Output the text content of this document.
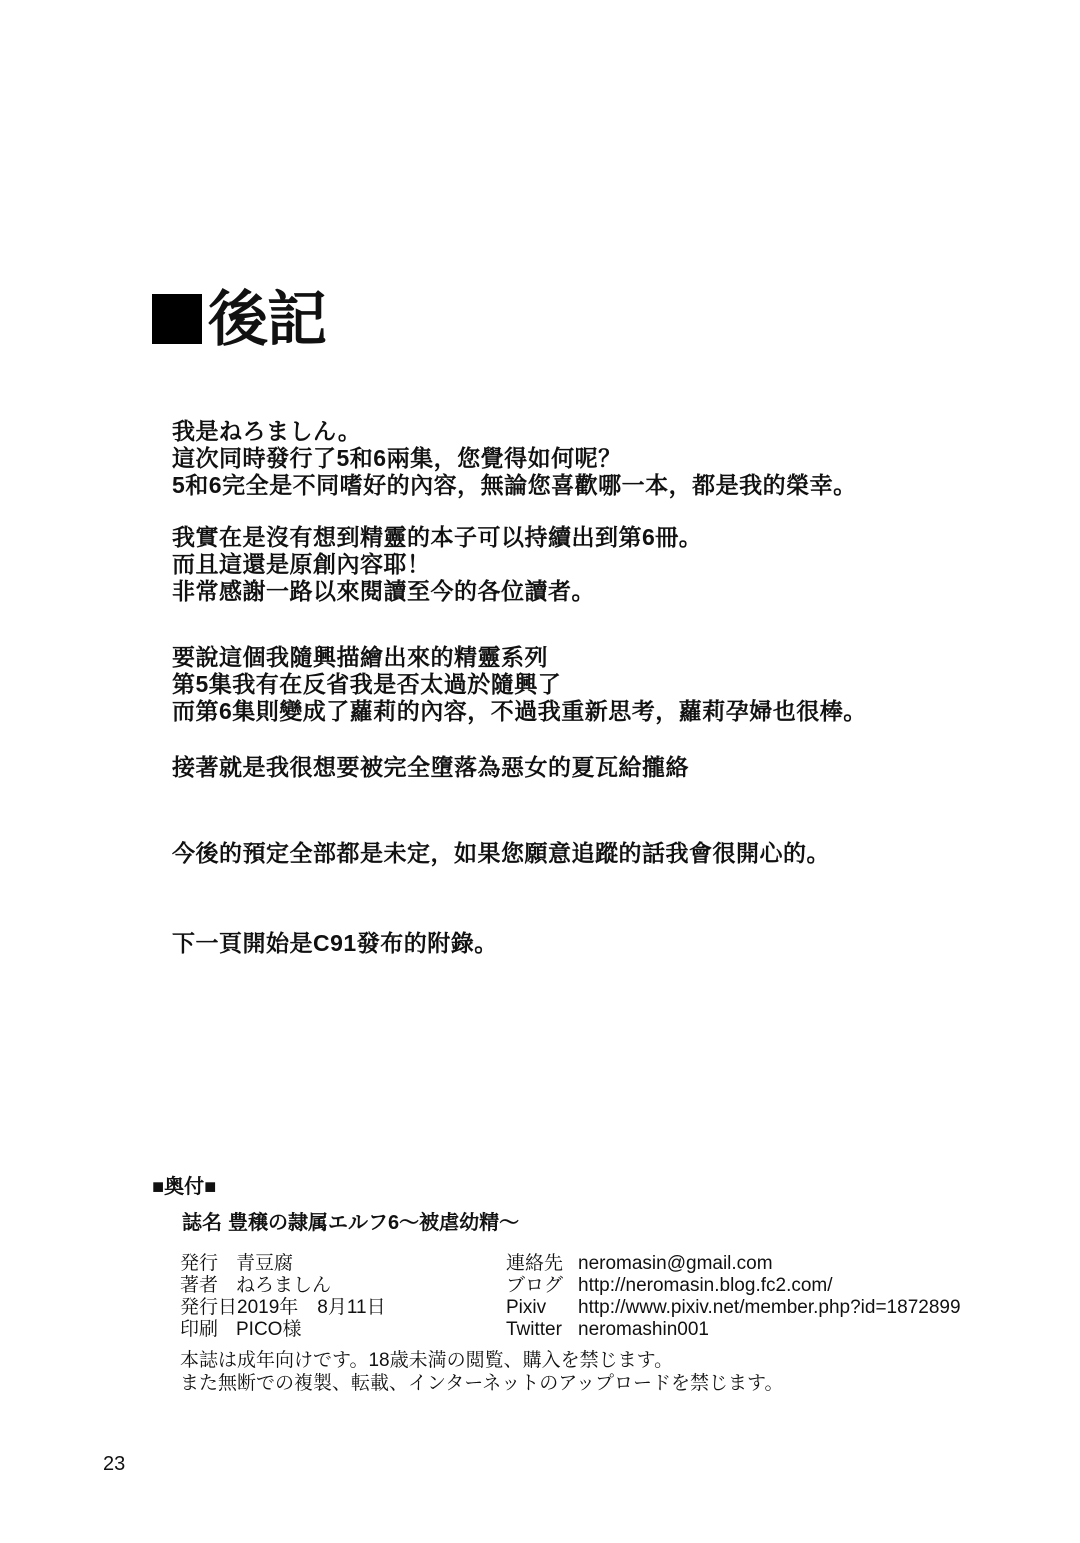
後記
我是ねろましん。
這次同時發行了5和6兩集，您覺得如何呢？
5和6完全是不同嗜好的內容，無論您喜歡哪一本，都是我的榮幸。
我實在是沒有想到精靈的本子可以持續出到第6冊。
而且這還是原創內容耶！
非常感謝一路以來閱讀至今的各位讀者。
要說這個我隨興描繪出來的精靈系列
第5集我有在反省我是否太過於隨興了
而第6集則變成了蘿莉的內容，不過我重新思考，蘿莉孕婦也很棒。
接著就是我很想要被完全墮落為惡女的夏瓦給攏絡
今後的預定全部都是未定，如果您願意追蹤的話我會很開心的。
下一頁開始是C91發布的附錄。
■奥付■
誌名 豊穣の隷属エルフ6～被虐幼精～
発行 青豆腐
著者 ねろましん
発行日 2019年　8月11日
印刷 PICO様
連絡先 neromasin@gmail.com
ブログ http://neromasin.blog.fc2.com/
Pixiv	http://www.pixiv.net/member.php?id=1872899
Twitter neromashin001
本誌は成年向けです。18歳未満の閲覧、購入を禁じます。
また無断での複製、転載、インターネットのアップロードを禁じます。
23
